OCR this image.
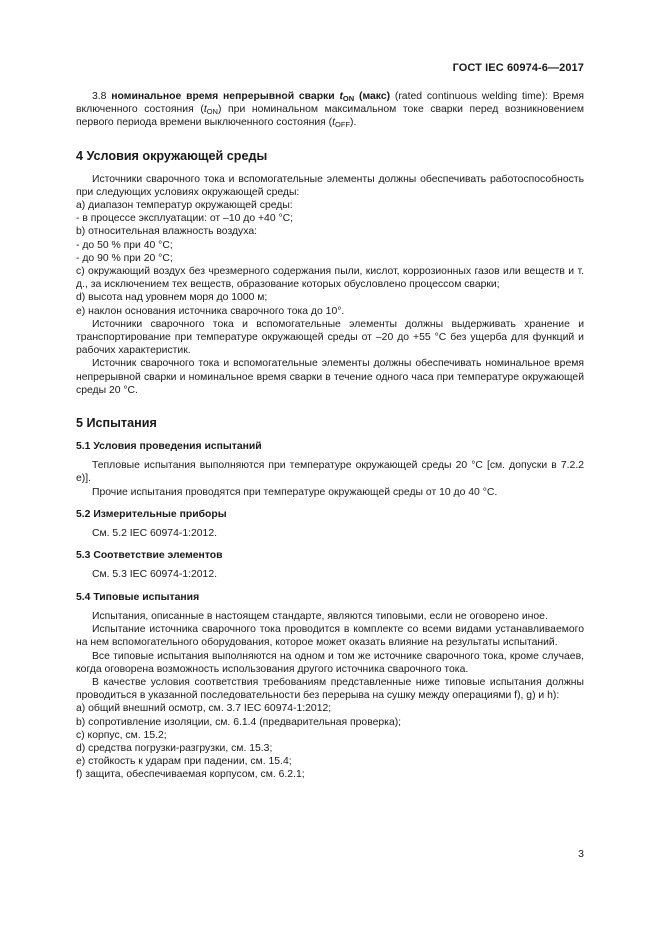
ГОСТ IEC 60974-6—2017

3.8 номинальное время непрерывной сварки $t_{ON}$ (макс) (rated continuous welding time): Время включенного состояния $(t_{ON})$ при номинальном максимальном токе сварки перед возникновением первого периода времени выключенного состояния $(t_{OFF})$.

4 Условия окружающей среды

Источники сварочного тока и вспомогательные элементы должны обеспечивать работоспособность при следующих условиях окружающей среды:

а) диапазон температур окружающей среды:

- в процессе эксплуатации: от –10 до +40 °С;

b) относительная влажность воздуха:

- до 50 % при 40 °С;

- до 90 % при 20 °С;

с) окружающий воздух без чрезмерного содержания пыли, кислот, коррозионных газов или веществ и т. д., за исключением тех веществ, образование которых обусловлено процессом сварки;

d) высота над уровнем моря до 1000 м;

е) наклон основания источника сварочного тока до 10°.

Источники сварочного тока и вспомогательные элементы должны выдерживать хранение и транспортирование при температуре окружающей среды от –20 до +55 °С без ущерба для функций и рабочих характеристик.

Источник сварочного тока и вспомогательные элементы должны обеспечивать номинальное время непрерывной сварки и номинальное время сварки в течение одного часа при температуре окружающей среды 20 °С.

5 Испытания
5.1 Условия проведения испытаний

Тепловые испытания выполняются при температуре окружающей среды 20 °С [см. допуски в 7.2.2 е)].

Прочие испытания проводятся при температуре окружающей среды от 10 до 40 °С.

5.2 Измерительные приборы

См. 5.2 IEC 60974-1:2012.

5.3 Соответствие элементов

См. 5.3 IEC 60974-1:2012.

5.4 Типовые испытания

Испытания, описанные в настоящем стандарте, являются типовыми, если не оговорено иное.

Испытание источника сварочного тока проводится в комплекте со всеми видами устанавливаемого на нем вспомогательного оборудования, которое может оказать влияние на результаты испытаний.

Все типовые испытания выполняются на одном и том же источнике сварочного тока, кроме случаев, когда оговорена возможность использования другого источника сварочного тока.

В качестве условия соответствия требованиям представленные ниже типовые испытания должны проводиться в указанной последовательности без перерыва на сушку между операциями f), g) и h):

а) общий внешний осмотр, см. 3.7 IEC 60974-1:2012;

b) сопротивление изоляции, см. 6.1.4 (предварительная проверка);

с) корпус, см. 15.2;

d) средства погрузки-разгрузки, см. 15.3;

е) стойкость к ударам при падении, см. 15.4;

f) защита, обеспечиваемая корпусом, см. 6.2.1;

3
